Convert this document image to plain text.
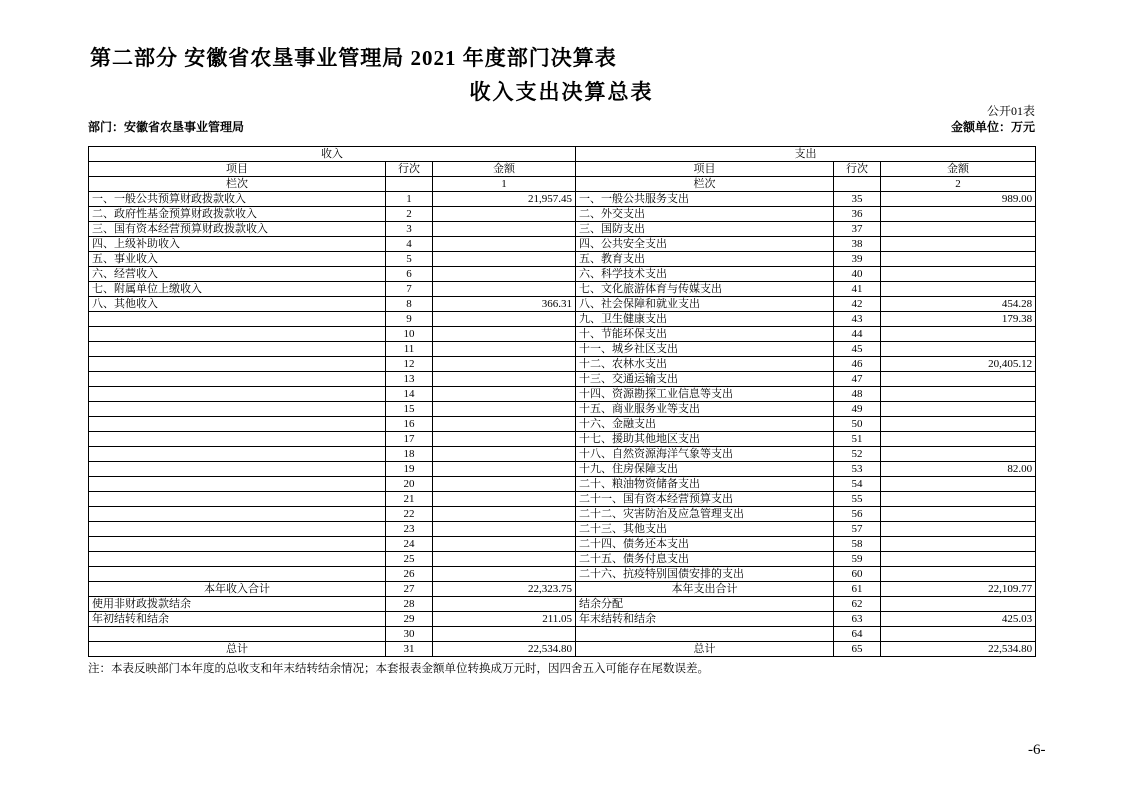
第二部分 安徽省农垦事业管理局 2021 年度部门决算表
收入支出决算总表
公开01表
金额单位：万元
部门：安徽省农垦事业管理局
收入			支出		
项目	行次	金额	项目	行次	金额
栏次		1	栏次		2
一、一般公共预算财政拨款收入	1	21,957.45	一、一般公共服务支出	35	989.00
二、政府性基金预算财政拨款收入	2		二、外交支出	36	
三、国有资本经营预算财政拨款收入	3		三、国防支出	37	
四、上级补助收入	4		四、公共安全支出	38	
五、事业收入	5		五、教育支出	39	
六、经营收入	6		六、科学技术支出	40	
七、附属单位上缴收入	7		七、文化旅游体育与传媒支出	41	
八、其他收入	8	366.31	八、社会保障和就业支出	42	454.28
	9		九、卫生健康支出	43	179.38
	10		十、节能环保支出	44	
	11		十一、城乡社区支出	45	
	12		十二、农林水支出	46	20,405.12
	13		十三、交通运输支出	47	
	14		十四、资源勘探工业信息等支出	48	
	15		十五、商业服务业等支出	49	
	16		十六、金融支出	50	
	17		十七、援助其他地区支出	51	
	18		十八、自然资源海洋气象等支出	52	
	19		十九、住房保障支出	53	82.00
	20		二十、粮油物资储备支出	54	
	21		二十一、国有资本经营预算支出	55	
	22		二十二、灾害防治及应急管理支出	56	
	23		二十三、其他支出	57	
	24		二十四、债务还本支出	58	
	25		二十五、债务付息支出	59	
	26		二十六、抗疫特别国债安排的支出	60	
本年收入合计	27	22,323.75	本年支出合计	61	22,109.77
使用非财政拨款结余	28		结余分配	62	
年初结转和结余	29	211.05	年末结转和结余	63	425.03
	30			64	
总计	31	22,534.80	总计	65	22,534.80
注：本表反映部门本年度的总收支和年末结转结余情况；本套报表金额单位转换成万元时，因四舍五入可能存在尾数误差。
-6-
